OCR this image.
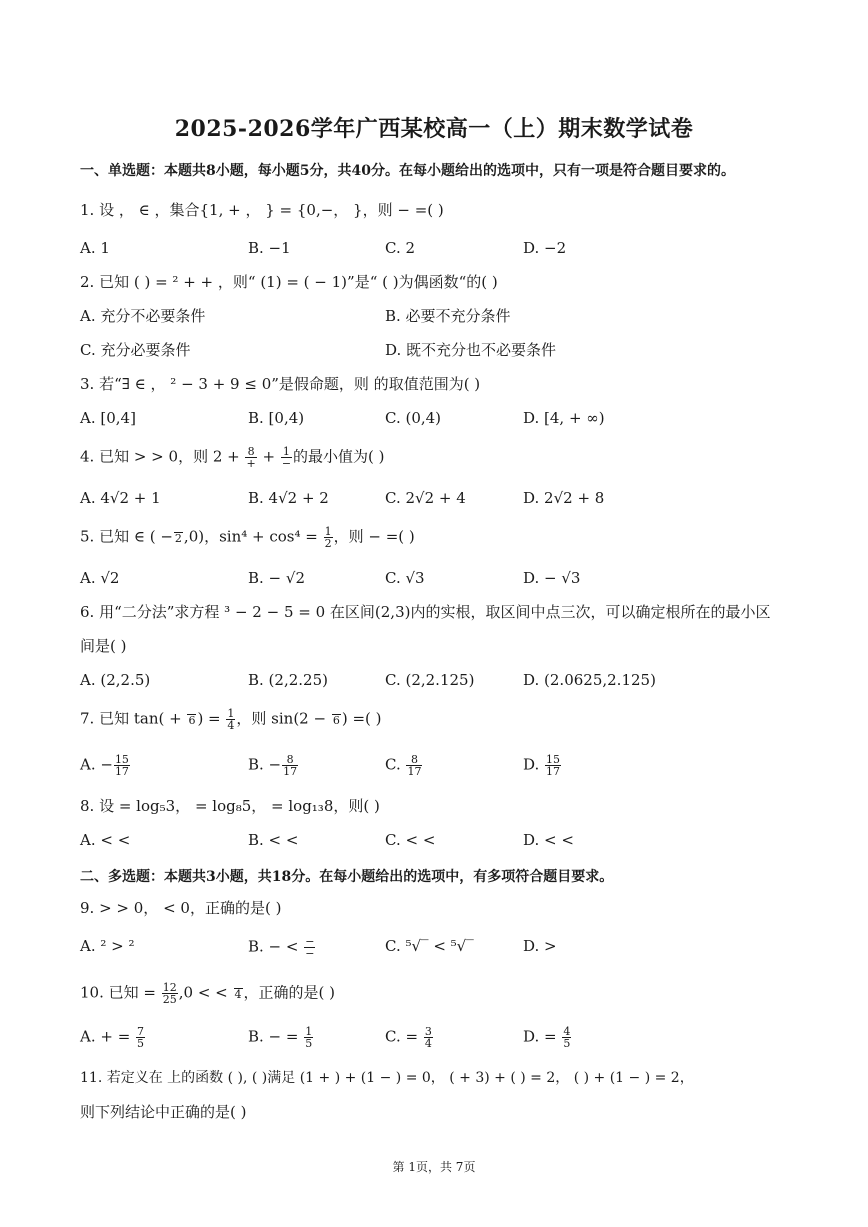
2025-2026学年广西某校高一（上）期末数学试卷
一、单选题：本题共8小题，每小题5分，共40分。在每小题给出的选项中，只有一项是符合题目要求的。
1. 设 ， ∈ ，集合{1, + ， } = {0,−， }，则 − =( )
A. 1	B. −1	C. 2	D. −2
2. 已知 ( ) = ² + + ，则“ (1) = ( − 1)”是“ ( )为偶函数“的( )
A. 充分不必要条件	B. 必要不充分条件
C. 充分必要条件	D. 既不充分也不必要条件
3. 若“∃ ∈ ， ² − 3 + 9 ≤ 0”是假命题，则 的取值范围为( )
A. [0,4]	B. [0,4)	C. (0,4)	D. [4, + ∞)
4. 已知 > > 0，则 $2 + \frac{8}{+} + \frac{1}{-}$ 的最小值为( )
A. 4√2 + 1	B. 4√2 + 2	C. 2√2 + 4	D. 2√2 + 8
5. 已知 ∈ ( − 2 ,0)，$\sin^4 + \cos^4 = \frac{1}{2}$ ，则 − =( )
A. √2	B. − √2	C. √3	D. − √3
6. 用“二分法”求方程 ³ − 2 − 5 = 0 在区间(2,3)内的实根，取区间中点三次，可以确定根所在的最小区
间是( )
A. (2,2.5)	B. (2,2.25)	C. (2,2.125)	D. (2.0625,2.125)
7. 已知 tan( + 6 ) = $\frac{1}{4}$ ，则 sin(2 − 6 ) =( )
A. − $\frac{15}{17}$	B. − $\frac{8}{17}$	C. $\frac{8}{17}$	D. $\frac{15}{17}$
8. 设 = log₅3， = log₈5， = log₁₃8，则( )
A. < <	B. < <	C. < <	D. < <
二、多选题：本题共3小题，共18分。在每小题给出的选项中，有多项符合题目要求。
9. > > 0， < 0，正确的是( )
A. ² > ²	B. − < $\frac{-}{-}$	C. ⁵√‾ < ⁵√‾	D. >
10. 已知 = $\frac{12}{25} ,0$ < < 4 ，正确的是( )
A. + = $\frac{7}{5}$	B. − = $\frac{1}{5}$	C. = $\frac{3}{4}$	D. = $\frac{4}{5}$
11. 若定义在 上的函数 ( ), ( )满足 (1 + ) + (1 − ) = 0， ( + 3) + ( ) = 2， ( ) + (1 − ) = 2，
则下列结论中正确的是( )
第 1页，共 7页
